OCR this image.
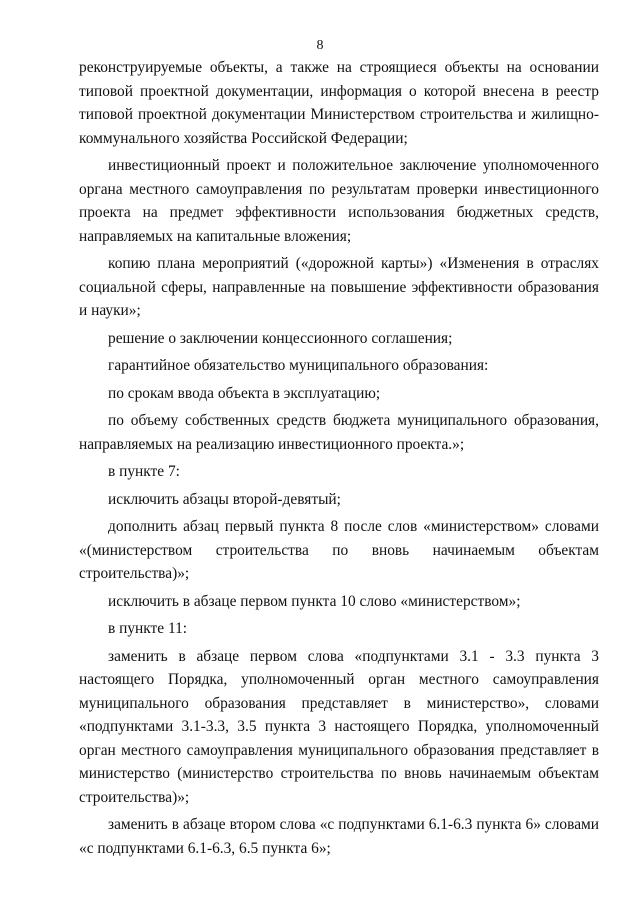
8

реконструируемые объекты, а также на строящиеся объекты на основании типовой проектной документации, информация о которой внесена в реестр типовой проектной документации Министерством строительства и жилищно-коммунального хозяйства Российской Федерации;

инвестиционный проект и положительное заключение уполномоченного органа местного самоуправления по результатам проверки инвестиционного проекта на предмет эффективности использования бюджетных средств, направляемых на капитальные вложения;

копию плана мероприятий («дорожной карты») «Изменения в отраслях социальной сферы, направленные на повышение эффективности образования и науки»;

решение о заключении концессионного соглашения;

гарантийное обязательство муниципального образования:

по срокам ввода объекта в эксплуатацию;

по объему собственных средств бюджета муниципального образования, направляемых на реализацию инвестиционного проекта.»;

в пункте 7:

исключить абзацы второй-девятый;

дополнить абзац первый пункта 8 после слов «министерством» словами «(министерством строительства по вновь начинаемым объектам строительства)»;

исключить в абзаце первом пункта 10 слово «министерством»;

в пункте 11:

заменить в абзаце первом слова «подпунктами 3.1 - 3.3 пункта 3 настоящего Порядка, уполномоченный орган местного самоуправления муниципального образования представляет в министерство», словами «подпунктами 3.1-3.3, 3.5 пункта 3 настоящего Порядка, уполномоченный орган местного самоуправления муниципального образования представляет в министерство (министерство строительства по вновь начинаемым объектам строительства)»;

заменить в абзаце втором слова «с подпунктами 6.1-6.3 пункта 6» словами «с подпунктами 6.1-6.3, 6.5 пункта 6»;
